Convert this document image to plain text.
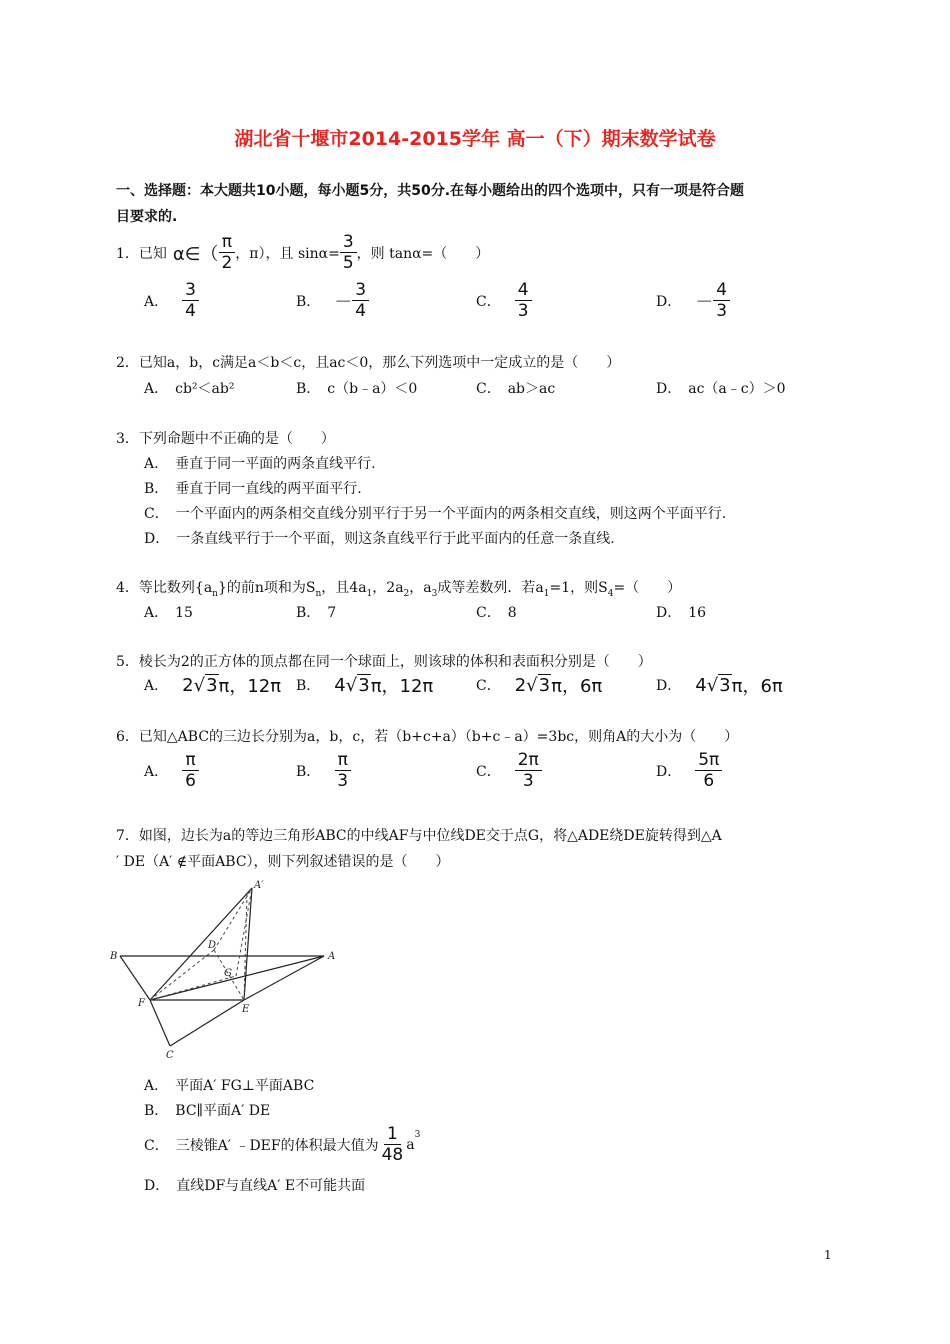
湖北省十堰市2014-2015学年 高一（下）期末数学试卷
一、选择题：本大题共10小题，每小题5分，共50分.在每小题给出的四个选项中，只有一项是符合题
目要求的.
1．已知 α∈（ $\frac{\pi}{2}$ ，π），且 $\sin\alpha= \frac{3}{5}$ ，则 tanα=（　　）
A． $\frac{3}{4}$	B． － $\frac{3}{4}$	C． $\frac{4}{3}$	D． － $\frac{4}{3}$
2．已知a，b，c满足a＜b＜c，且ac＜0，那么下列选项中一定成立的是（　　）
A．　cb²＜ab²	B．　c（b﹣a）＜0	C．　ab＞ac	D．　ac（a﹣c）＞0
3．下列命题中不正确的是（　　）
A．　垂直于同一平面的两条直线平行.
B．　垂直于同一直线的两平面平行.
C．　一个平面内的两条相交直线分别平行于另一个平面内的两条相交直线，则这两个平面平行.
D．　一条直线平行于一个平面，则这条直线平行于此平面内的任意一条直线.
4．等比数列$\{a_n\}$的前n项和为$S_n$，且$4a_1$，$2a_2$，$a_3$成等差数列．若$a_1=1$，则$S_4=$（　　）
A．　15	B．　7	C．　8	D．　16
5．棱长为2的正方体的顶点都在同一个球面上，则该球的体积和表面积分别是（　　）
A． 2 √ 3 π，12π B． 4 √ 3 π，12π	C． 2 √ 3 π，6π	D． 4 √ 3 π，6π
6．已知△ABC的三边长分别为a，b，c，若（b+c+a）（b+c﹣a）=3bc，则角A的大小为（　　）
A． $\frac{\pi}{6}$	B． $\frac{\pi}{3}$	C． $\frac{2\pi}{3}$	D． $\frac{5\pi}{6}$
7．如图，边长为a的等边三角形ABC的中线AF与中位线DE交于点G，将△ADE绕DE旋转得到△A
′ DE（A′ ∉平面ABC），则下列叙述错误的是（　　）
B	A
A′
D
G
F
E
C
A．　平面A′ FG⊥平面ABC
B．　BC∥平面A′ DE
C．　三棱锥A′ ﹣DEF的体积最大值为 $\frac{1}{48}$ a
$^3$
D．　直线DF与直线A′ E不可能共面
1
